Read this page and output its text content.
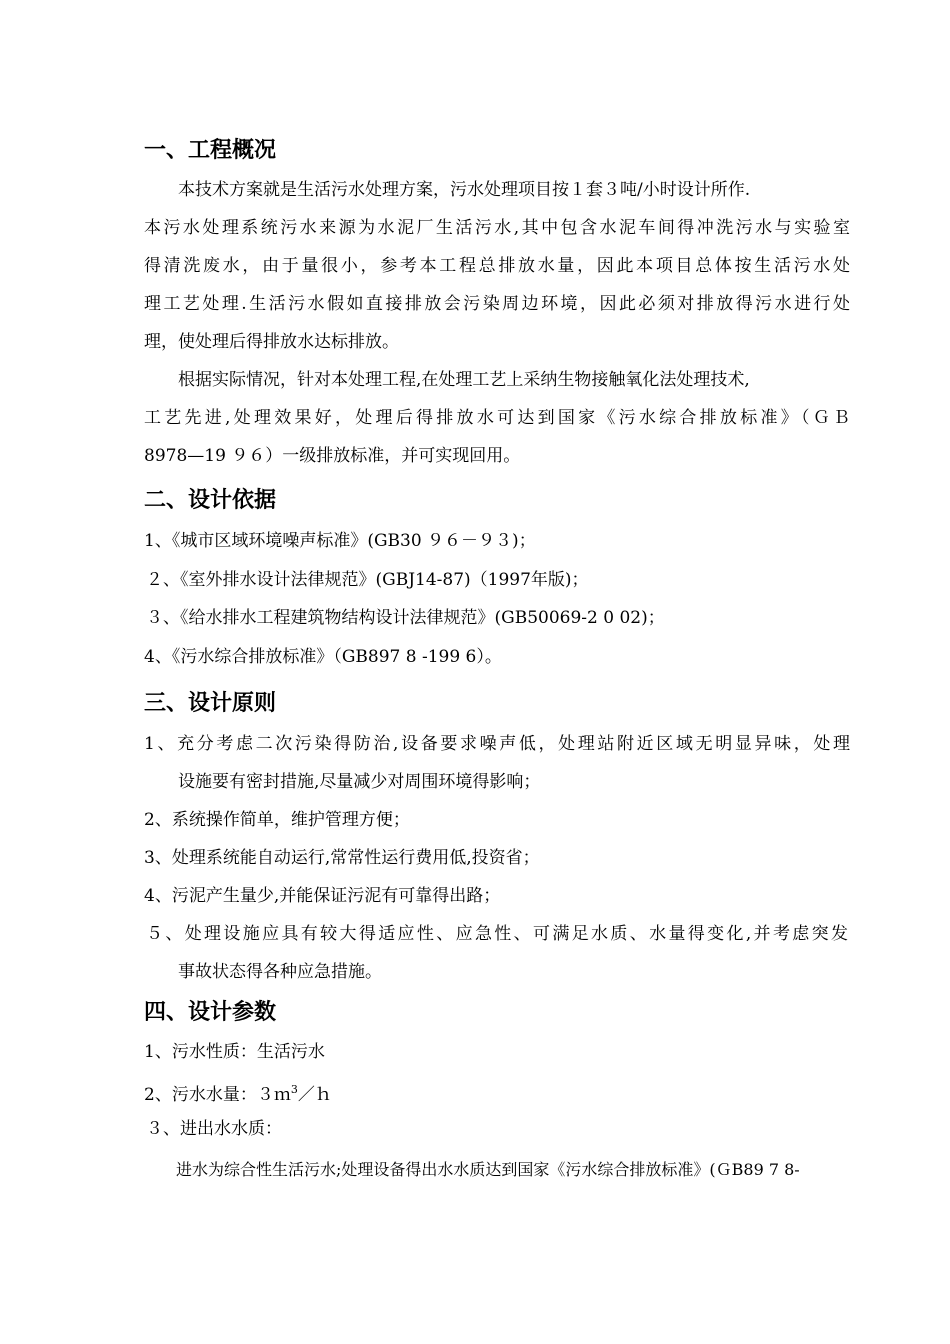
一、工程概况
本技术方案就是生活污水处理方案，污水处理项目按１套３吨/小时设计所作.
本污水处理系统污水来源为水泥厂生活污水,其中包含水泥车间得冲洗污水与实验室
得清洗废水，由于量很小，参考本工程总排放水量，因此本项目总体按生活污水处
理工艺处理.生活污水假如直接排放会污染周边环境，因此必须对排放得污水进行处
理，使处理后得排放水达标排放。
根据实际情况，针对本处理工程,在处理工艺上采纳生物接触氧化法处理技术,
工艺先进,处理效果好，处理后得排放水可达到国家《污水综合排放标准》（ＧＢ
8978—19 ９６）一级排放标准，并可实现回用。
二、设计依据
1、《城市区域环境噪声标准》(GB30 ９６－９３)；
２、《室外排水设计法律规范》(GBJ14-87)（1997年版)；
３、《给水排水工程建筑物结构设计法律规范》(GB50069-2 0 02)；
4、《污水综合排放标准》（GB897 8 -199 6）。
三、设计原则
1、充分考虑二次污染得防治,设备要求噪声低，处理站附近区域无明显异味，处理
设施要有密封措施,尽量减少对周围环境得影响；
2、系统操作简单，维护管理方便；
3、处理系统能自动运行,常常性运行费用低,投资省；
4、污泥产生量少,并能保证污泥有可靠得出路；
５、处理设施应具有较大得适应性、应急性、可满足水质、水量得变化,并考虑突发
事故状态得各种应急措施。
四、设计参数
1、污水性质：生活污水
2、污水水量：３ｍ$^3$／ｈ
３、进出水水质：
进水为综合性生活污水;处理设备得出水水质达到国家《污水综合排放标准》(ＧB89 7 8-
